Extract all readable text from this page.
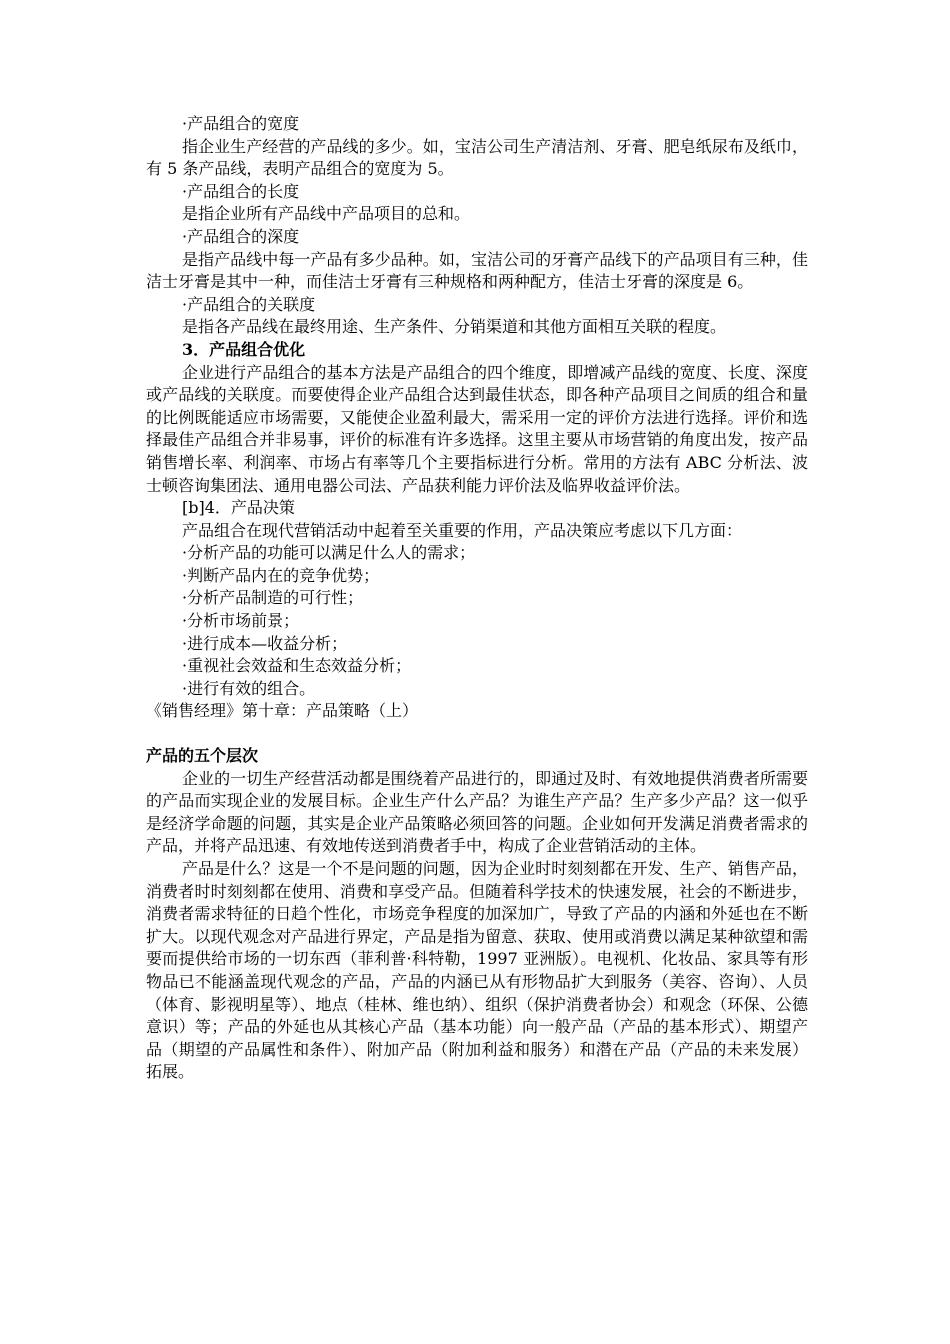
·产品组合的宽度

指企业生产经营的产品线的多少。如，宝洁公司生产清洁剂、牙膏、肥皂纸尿布及纸巾，有 5 条产品线，表明产品组合的宽度为 5。

·产品组合的长度

是指企业所有产品线中产品项目的总和。

·产品组合的深度

是指产品线中每一产品有多少品种。如，宝洁公司的牙膏产品线下的产品项目有三种，佳洁士牙膏是其中一种，而佳洁士牙膏有三种规格和两种配方，佳洁士牙膏的深度是 6。

·产品组合的关联度

是指各产品线在最终用途、生产条件、分销渠道和其他方面相互关联的程度。

3．产品组合优化

企业进行产品组合的基本方法是产品组合的四个维度，即增减产品线的宽度、长度、深度或产品线的关联度。而要使得企业产品组合达到最佳状态，即各种产品项目之间质的组合和量的比例既能适应市场需要，又能使企业盈利最大，需采用一定的评价方法进行选择。评价和选择最佳产品组合并非易事，评价的标准有许多选择。这里主要从市场营销的角度出发，按产品销售增长率、利润率、市场占有率等几个主要指标进行分析。常用的方法有 ABC 分析法、波士顿咨询集团法、通用电器公司法、产品获利能力评价法及临界收益评价法。

[b]4．产品决策

产品组合在现代营销活动中起着至关重要的作用，产品决策应考虑以下几方面：

·分析产品的功能可以满足什么人的需求；

·判断产品内在的竞争优势；

·分析产品制造的可行性；

·分析市场前景；

·进行成本—收益分析；

·重视社会效益和生态效益分析；

·进行有效的组合。

《销售经理》第十章：产品策略（上）

产品的五个层次

企业的一切生产经营活动都是围绕着产品进行的，即通过及时、有效地提供消费者所需要的产品而实现企业的发展目标。企业生产什么产品？为谁生产产品？生产多少产品？这一似乎是经济学命题的问题，其实是企业产品策略必须回答的问题。企业如何开发满足消费者需求的产品，并将产品迅速、有效地传送到消费者手中，构成了企业营销活动的主体。

产品是什么？这是一个不是问题的问题，因为企业时时刻刻都在开发、生产、销售产品，消费者时时刻刻都在使用、消费和享受产品。但随着科学技术的快速发展，社会的不断进步，消费者需求特征的日趋个性化，市场竞争程度的加深加广，导致了产品的内涵和外延也在不断扩大。以现代观念对产品进行界定，产品是指为留意、获取、使用或消费以满足某种欲望和需要而提供给市场的一切东西（菲利普·科特勒，1997 亚洲版）。电视机、化妆品、家具等有形物品已不能涵盖现代观念的产品，产品的内涵已从有形物品扩大到服务（美容、咨询）、人员（体育、影视明星等）、地点（桂林、维也纳）、组织（保护消费者协会）和观念（环保、公德意识）等；产品的外延也从其核心产品（基本功能）向一般产品（产品的基本形式）、期望产品（期望的产品属性和条件）、附加产品（附加利益和服务）和潜在产品（产品的未来发展）拓展。
